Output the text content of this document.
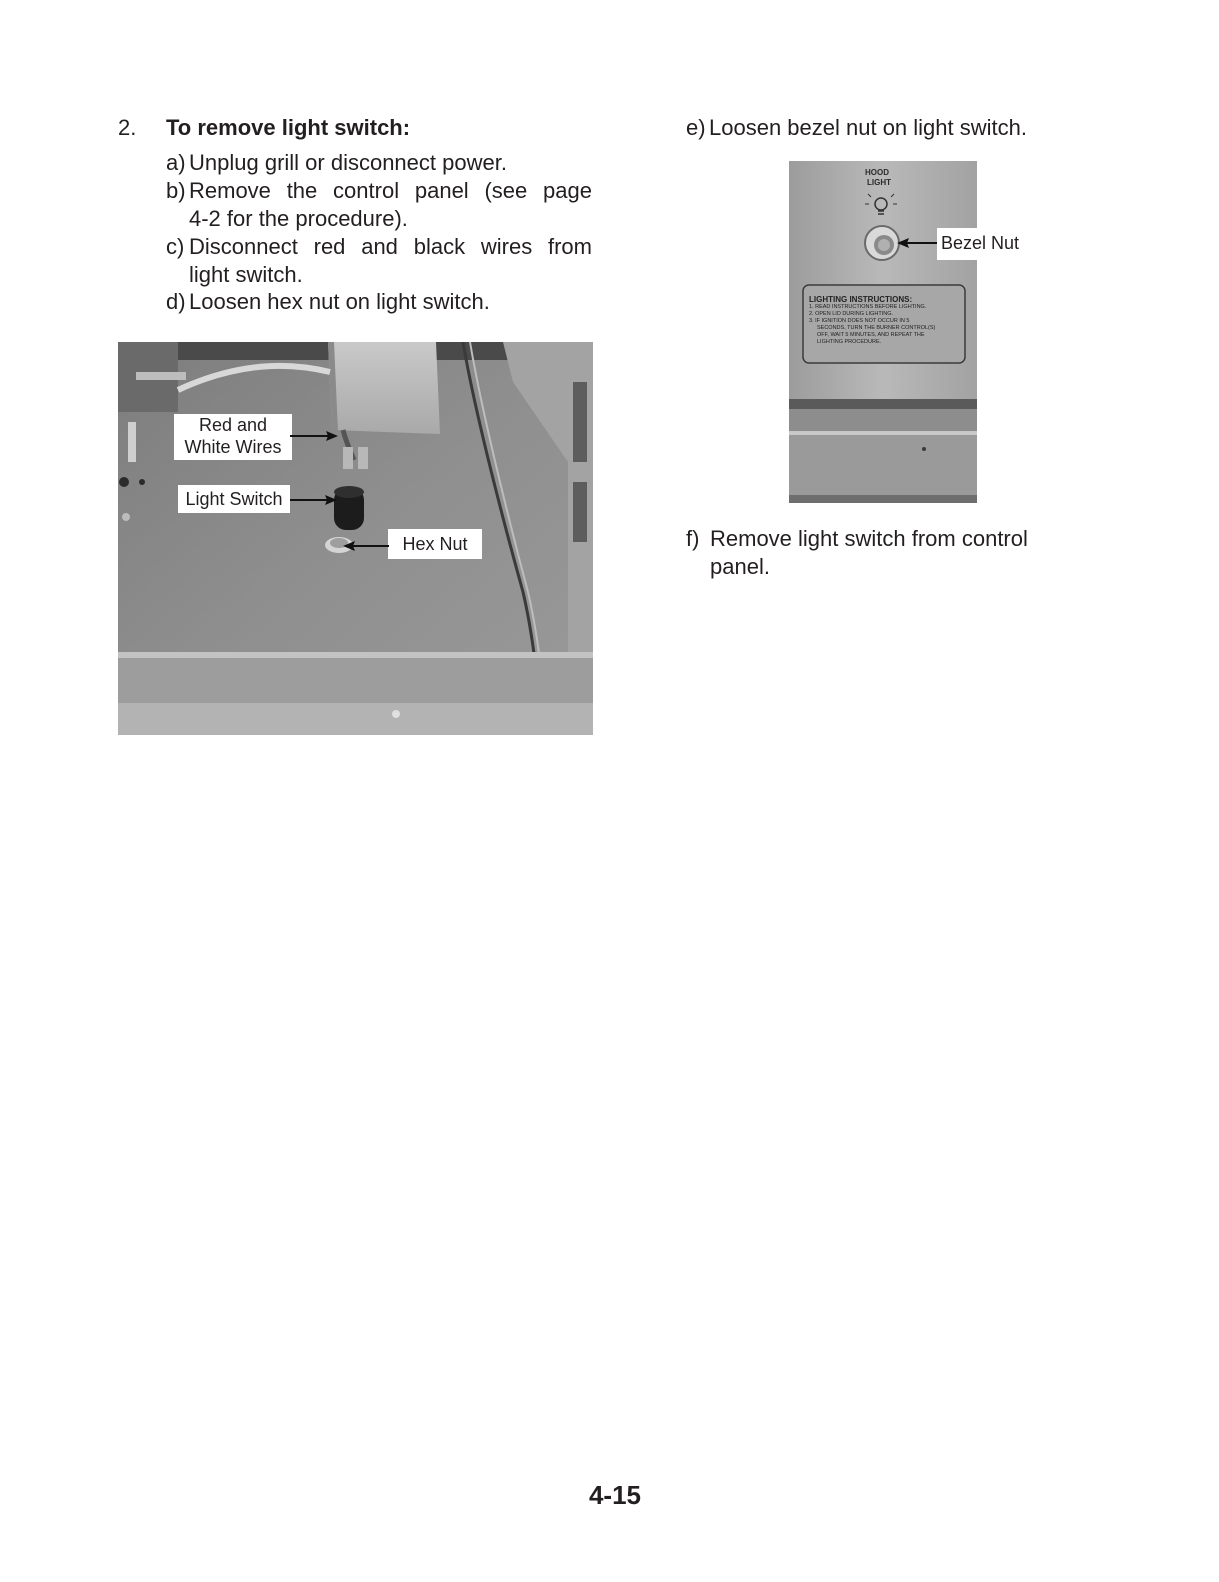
2. To remove light switch:
a) Unplug grill or disconnect power.
b) Remove the control panel (see page
4-2 for the procedure).
c) Disconnect red and black wires from
light switch.
d) Loosen hex nut on light switch.
Red and
White Wires
Light Switch
Hex Nut
e) Loosen bezel nut on light switch.
HOOD
LIGHT
LIGHTING INSTRUCTIONS:
1. READ INSTRUCTIONS BEFORE LIGHTING.
2. OPEN LID DURING LIGHTING.
3. IF IGNITION DOES NOT OCCUR IN 5
SECONDS, TURN THE BURNER CONTROL(S)
OFF, WAIT 5 MINUTES, AND REPEAT THE
LIGHTING PROCEDURE.
Bezel Nut
f) Remove light switch from control
panel.
4-15
